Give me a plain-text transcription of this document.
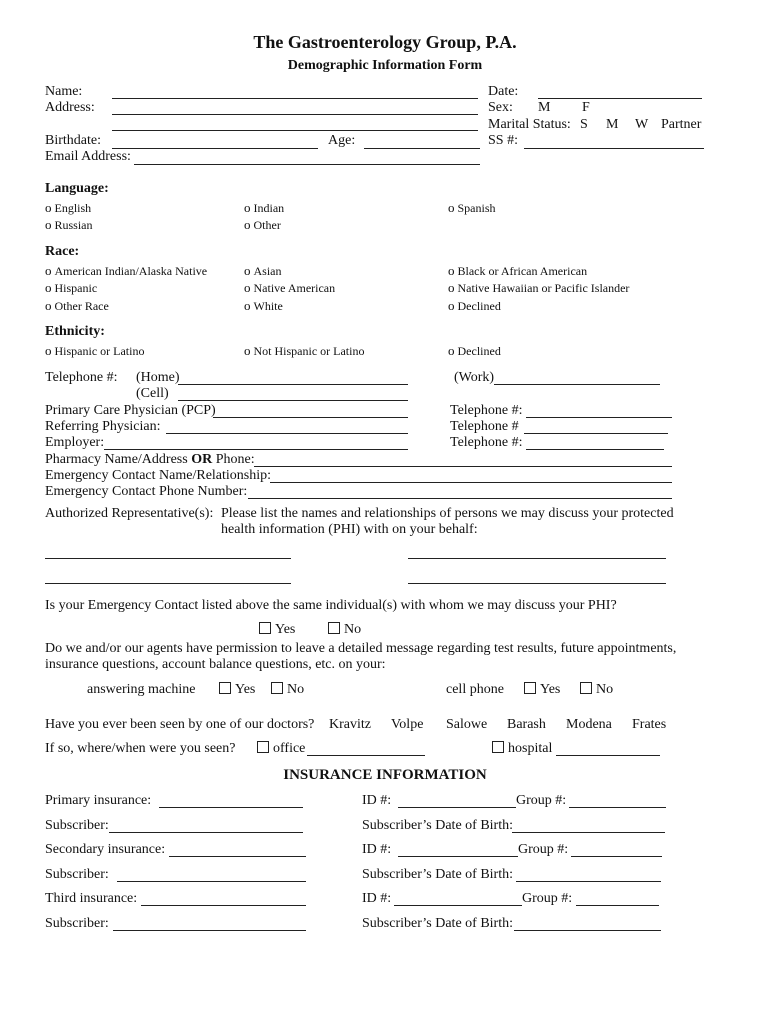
The Gastroenterology Group, P.A.
Demographic Information Form
Name:
Address:
Birthdate:	Age:
Email Address:
Date:
Sex: M F
Marital Status: S M W Partner
SS #:
Language:
o English	o Indian	o Spanish
o Russian	o Other
Race:
o American Indian/Alaska Native	o Asian	o Black or African American
o Hispanic	o Native American	o Native Hawaiian or Pacific Islander
o Other Race	o White	o Declined
Ethnicity:
o Hispanic or Latino	o Not Hispanic or Latino	o Declined
Telephone #: (Home)	(Work)
(Cell)
Primary Care Physician (PCP)	Telephone #:
Referring Physician:	Telephone #
Employer:	Telephone #:
Pharmacy Name/Address OR Phone:
Emergency Contact Name/Relationship:
Emergency Contact Phone Number:
Authorized Representative(s): Please list the names and relationships of persons we may discuss your protected
health information (PHI) with on your behalf:
Is your Emergency Contact listed above the same individual(s) with whom we may discuss your PHI?
Yes	No
Do we and/or our agents have permission to leave a detailed message regarding test results, future appointments,
insurance questions, account balance questions, etc. on your:
answering machine	Yes	No	cell phone	Yes	No
Have you ever been seen by one of our doctors? Kravitz Volpe Salowe Barash Modena Frates
If so, where/when were you seen?	office	hospital
INSURANCE INFORMATION
Primary insurance:	ID #:	Group #:
Subscriber:	Subscriber’s Date of Birth:
Secondary insurance:	ID #:	Group #:
Subscriber:	Subscriber’s Date of Birth:
Third insurance:	ID #:	Group #:
Subscriber:	Subscriber’s Date of Birth:
